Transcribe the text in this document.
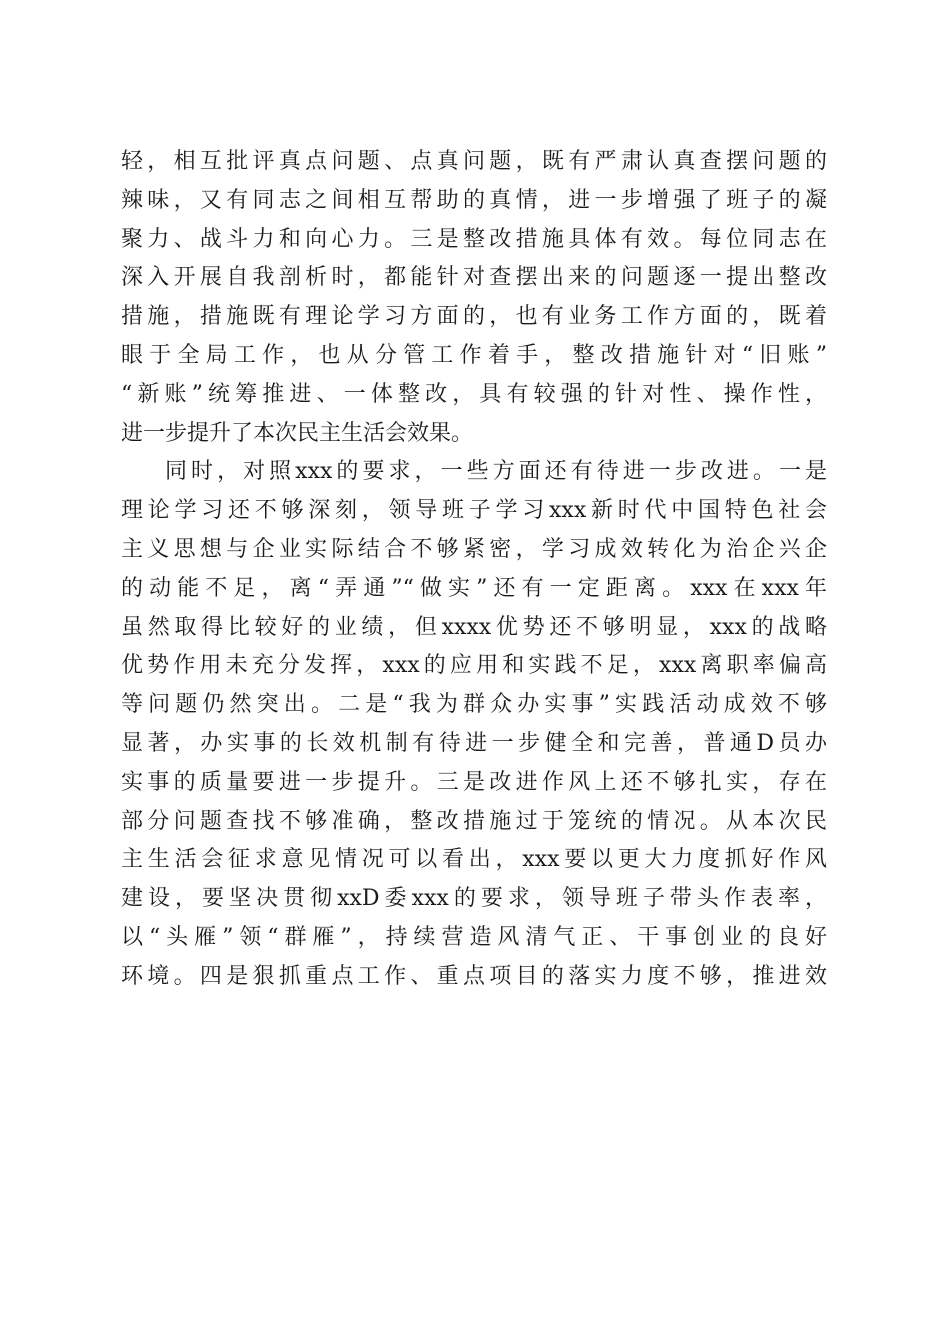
轻，相互批评真点问题、点真问题，既有严肃认真查摆问题的
辣味，又有同志之间相互帮助的真情，进一步增强了班子的凝
聚力、战斗力和向心力。三是整改措施具体有效。每位同志在
深入开展自我剖析时，都能针对查摆出来的问题逐一提出整改
措施，措施既有理论学习方面的，也有业务工作方面的，既着
眼于全局工作，也从分管工作着手，整改措施针对“旧账”
“新账”统筹推进、一体整改，具有较强的针对性、操作性，
进一步提升了本次民主生活会效果。
同时，对照xxx的要求，一些方面还有待进一步改进。一是
理论学习还不够深刻，领导班子学习xxx新时代中国特色社会
主义思想与企业实际结合不够紧密，学习成效转化为治企兴企
的动能不足，离“弄通”“做实”还有一定距离。xxx在xxx年
虽然取得比较好的业绩，但xxxx优势还不够明显，xxx的战略
优势作用未充分发挥，xxx的应用和实践不足，xxx离职率偏高
等问题仍然突出。二是“我为群众办实事”实践活动成效不够
显著，办实事的长效机制有待进一步健全和完善，普通D员办
实事的质量要进一步提升。三是改进作风上还不够扎实，存在
部分问题查找不够准确，整改措施过于笼统的情况。从本次民
主生活会征求意见情况可以看出，xxx要以更大力度抓好作风
建设，要坚决贯彻xxD委xxx的要求，领导班子带头作表率，
以“头雁”领“群雁”，持续营造风清气正、干事创业的良好
环境。四是狠抓重点工作、重点项目的落实力度不够，推进效
